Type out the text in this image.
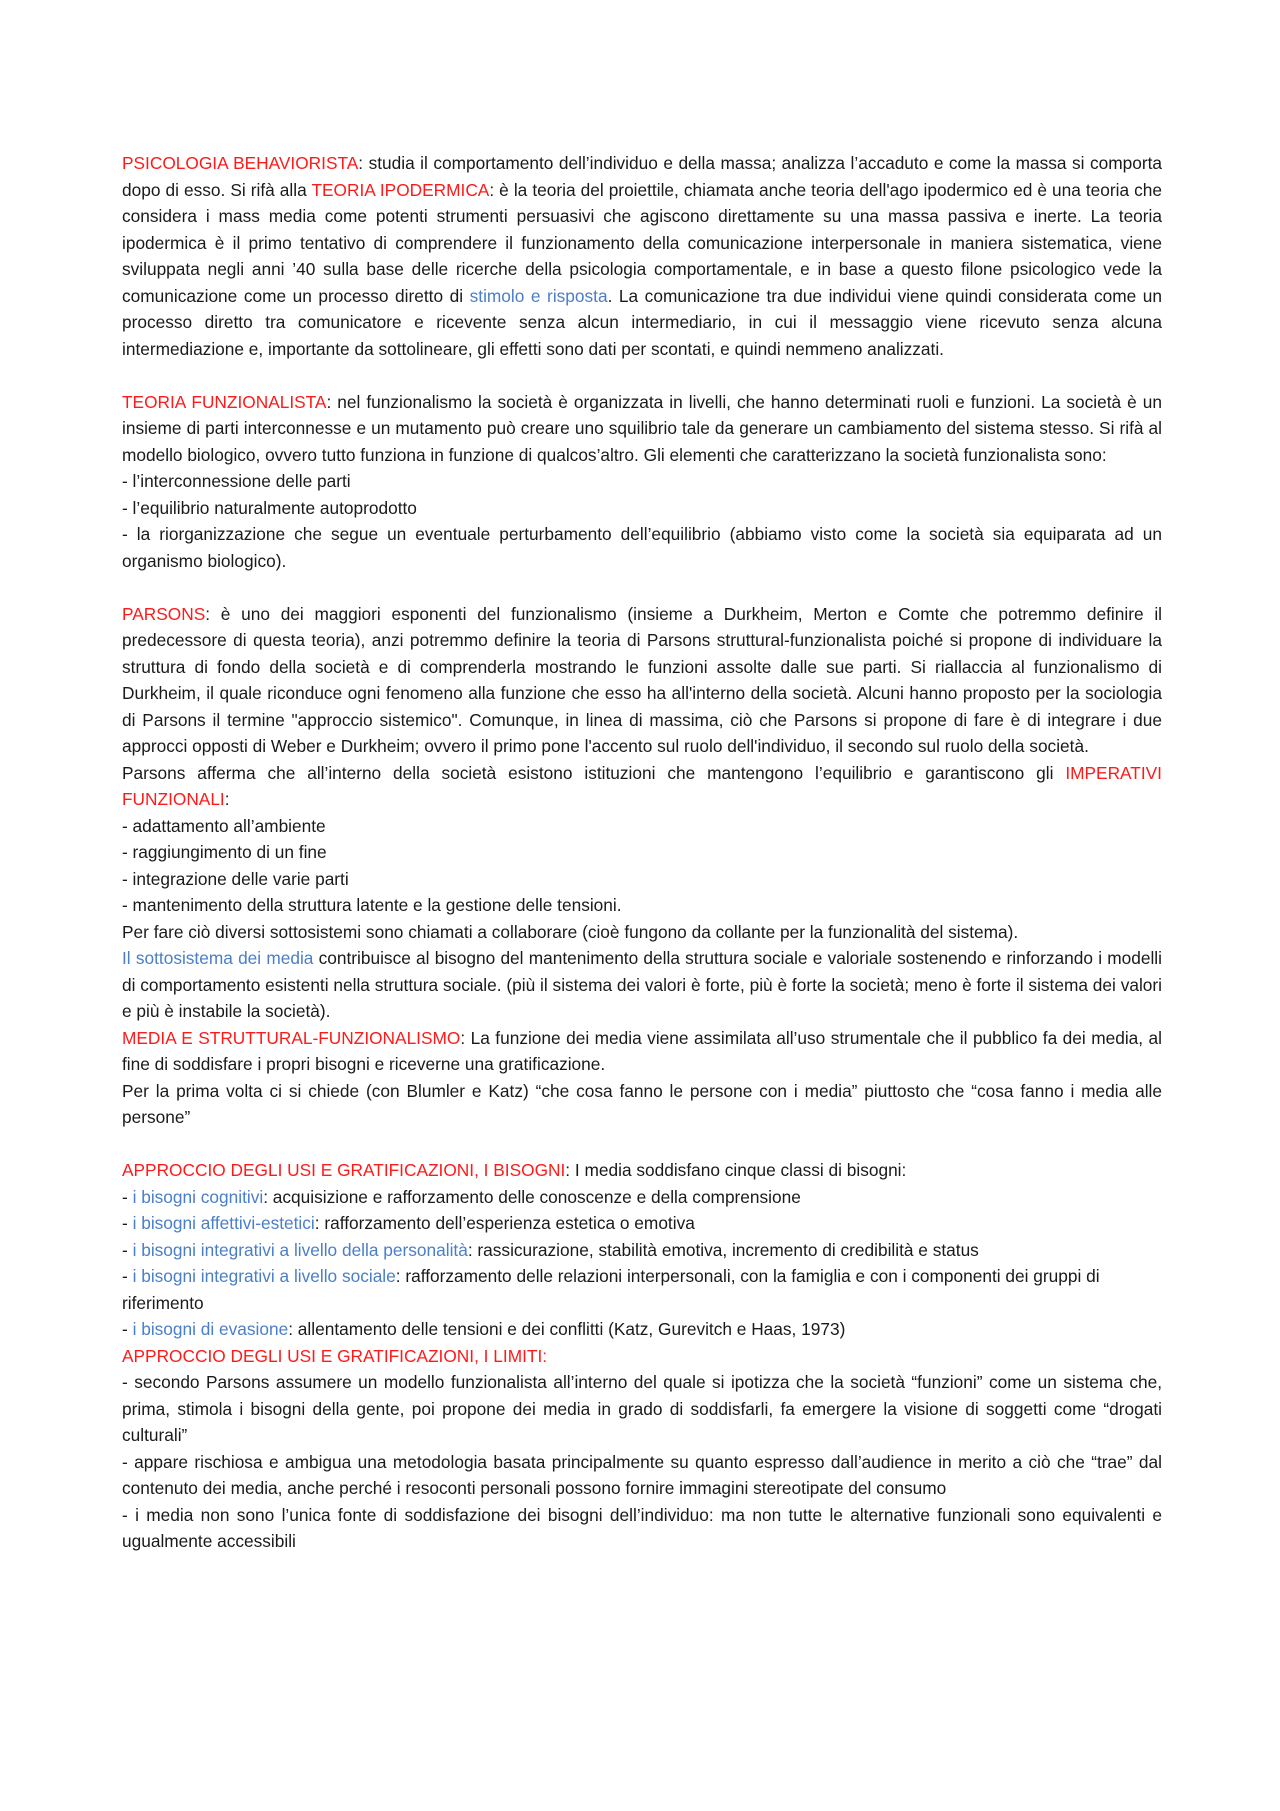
PSICOLOGIA BEHAVIORISTA: studia il comportamento dell’individuo e della massa; analizza l’accaduto e come la massa si comporta dopo di esso. Si rifà alla TEORIA IPODERMICA: è la teoria del proiettile, chiamata anche teoria dell'ago ipodermico ed è una teoria che considera i mass media come potenti strumenti persuasivi che agiscono direttamente su una massa passiva e inerte. La teoria ipodermica è il primo tentativo di comprendere il funzionamento della comunicazione interpersonale in maniera sistematica, viene sviluppata negli anni ’40 sulla base delle ricerche della psicologia comportamentale, e in base a questo filone psicologico vede la comunicazione come un processo diretto di stimolo e risposta. La comunicazione tra due individui viene quindi considerata come un processo diretto tra comunicatore e ricevente senza alcun intermediario, in cui il messaggio viene ricevuto senza alcuna intermediazione e, importante da sottolineare, gli effetti sono dati per scontati, e quindi nemmeno analizzati.

TEORIA FUNZIONALISTA: nel funzionalismo la società è organizzata in livelli, che hanno determinati ruoli e funzioni. La società è un insieme di parti interconnesse e un mutamento può creare uno squilibrio tale da generare un cambiamento del sistema stesso. Si rifà al modello biologico, ovvero tutto funziona in funzione di qualcos’altro. Gli elementi che caratterizzano la società funzionalista sono:

- l’interconnessione delle parti

- l’equilibrio naturalmente autoprodotto

- la riorganizzazione che segue un eventuale perturbamento dell’equilibrio (abbiamo visto come la società sia equiparata ad un organismo biologico).

PARSONS: è uno dei maggiori esponenti del funzionalismo (insieme a Durkheim, Merton e Comte che potremmo definire il predecessore di questa teoria), anzi potremmo definire la teoria di Parsons struttural-funzionalista poiché si propone di individuare la struttura di fondo della società e di comprenderla mostrando le funzioni assolte dalle sue parti. Si riallaccia al funzionalismo di Durkheim, il quale riconduce ogni fenomeno alla funzione che esso ha all'interno della società. Alcuni hanno proposto per la sociologia di Parsons il termine "approccio sistemico". Comunque, in linea di massima, ciò che Parsons si propone di fare è di integrare i due approcci opposti di Weber e Durkheim; ovvero il primo pone l'accento sul ruolo dell'individuo, il secondo sul ruolo della società.

Parsons afferma che all’interno della società esistono istituzioni che mantengono l’equilibrio e garantiscono gli IMPERATIVI FUNZIONALI:

- adattamento all’ambiente

- raggiungimento di un fine

- integrazione delle varie parti

- mantenimento della struttura latente e la gestione delle tensioni.

Per fare ciò diversi sottosistemi sono chiamati a collaborare (cioè fungono da collante per la funzionalità del sistema).

Il sottosistema dei media contribuisce al bisogno del mantenimento della struttura sociale e valoriale sostenendo e rinforzando i modelli di comportamento esistenti nella struttura sociale. (più il sistema dei valori è forte, più è forte la società; meno è forte il sistema dei valori e più è instabile la società).

MEDIA E STRUTTURAL-FUNZIONALISMO: La funzione dei media viene assimilata all’uso strumentale che il pubblico fa dei media, al fine di soddisfare i propri bisogni e riceverne una gratificazione.

Per la prima volta ci si chiede (con Blumler e Katz) “che cosa fanno le persone con i media” piuttosto che “cosa fanno i media alle persone”

APPROCCIO DEGLI USI E GRATIFICAZIONI, I BISOGNI: I media soddisfano cinque classi di bisogni:

- i bisogni cognitivi: acquisizione e rafforzamento delle conoscenze e della comprensione

- i bisogni affettivi-estetici: rafforzamento dell’esperienza estetica o emotiva

- i bisogni integrativi a livello della personalità: rassicurazione, stabilità emotiva, incremento di credibilità e status

- i bisogni integrativi a livello sociale: rafforzamento delle relazioni interpersonali, con la famiglia e con i componenti dei gruppi di riferimento

- i bisogni di evasione: allentamento delle tensioni e dei conflitti (Katz, Gurevitch e Haas, 1973)

APPROCCIO DEGLI USI E GRATIFICAZIONI, I LIMITI:

- secondo Parsons assumere un modello funzionalista all’interno del quale si ipotizza che la società “funzioni” come un sistema che, prima, stimola i bisogni della gente, poi propone dei media in grado di soddisfarli, fa emergere la visione di soggetti come “drogati culturali”

- appare rischiosa e ambigua una metodologia basata principalmente su quanto espresso dall’audience in merito a ciò che “trae” dal contenuto dei media, anche perché i resoconti personali possono fornire immagini stereotipate del consumo

- i media non sono l’unica fonte di soddisfazione dei bisogni dell’individuo: ma non tutte le alternative funzionali sono equivalenti e ugualmente accessibili
